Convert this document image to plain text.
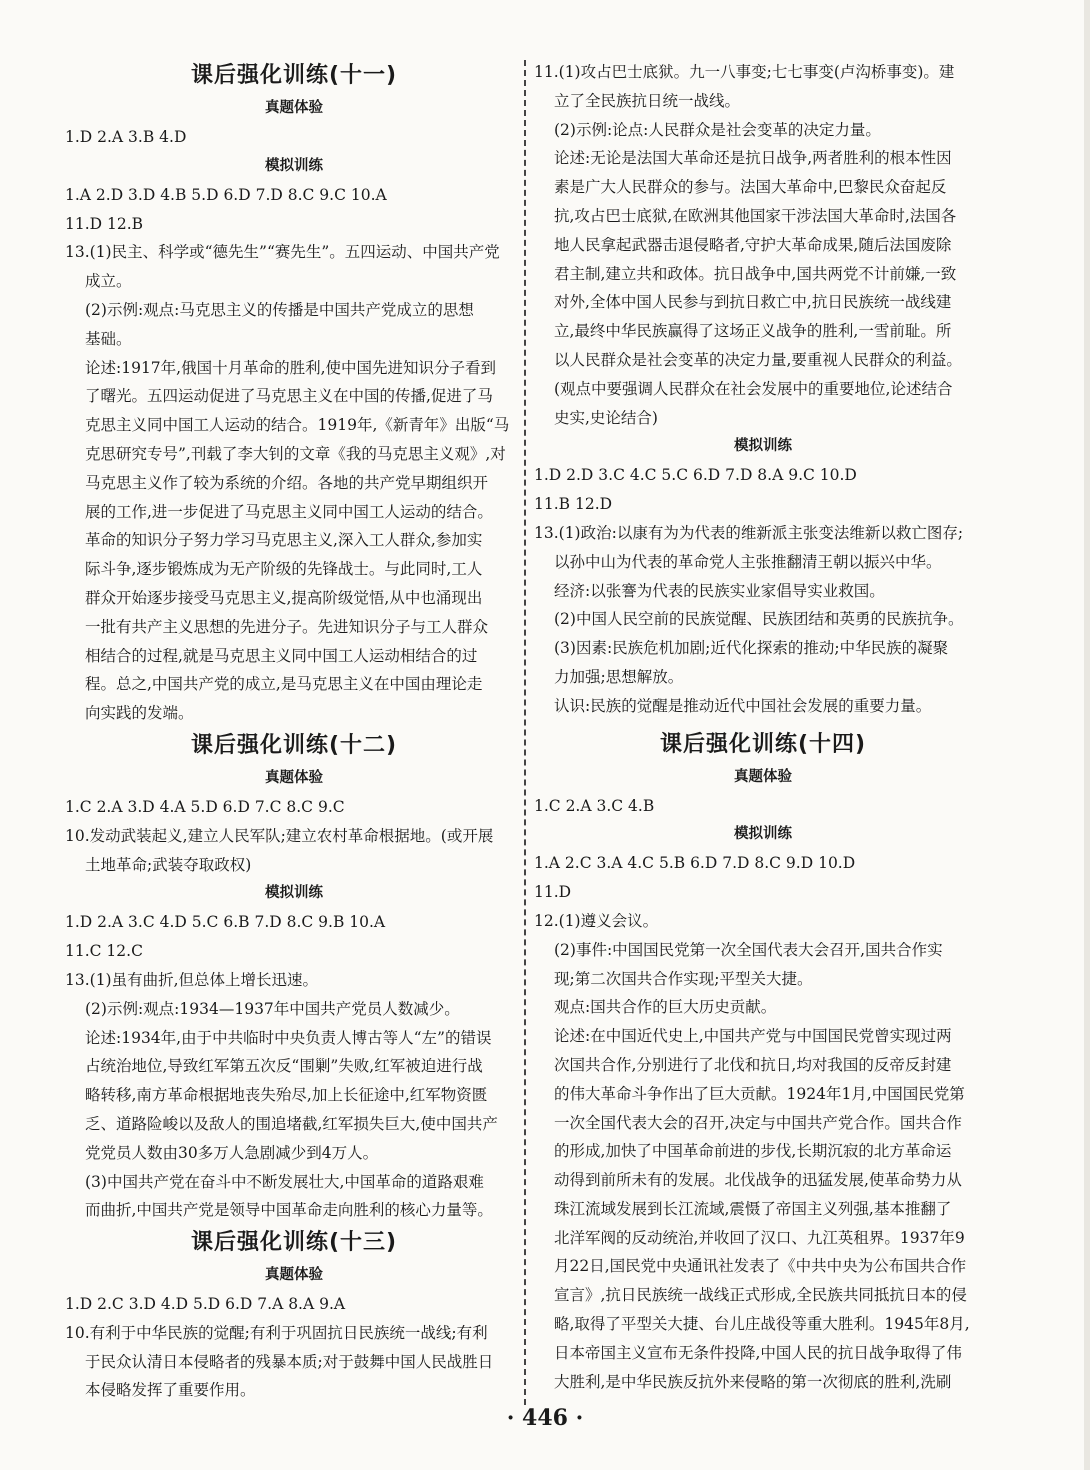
课后强化训练(十一)
真题体验
1.D 2.A 3.B 4.D
模拟训练
1.A 2.D 3.D 4.B 5.D 6.D 7.D 8.C 9.C 10.A
11.D 12.B
13.(1)民主、科学或“德先生”“赛先生”。五四运动、中国共产党
成立。
(2)示例:观点:马克思主义的传播是中国共产党成立的思想
基础。
论述:1917年,俄国十月革命的胜利,使中国先进知识分子看到
了曙光。五四运动促进了马克思主义在中国的传播,促进了马
克思主义同中国工人运动的结合。1919年,《新青年》出版“马
克思研究专号”,刊载了李大钊的文章《我的马克思主义观》,对
马克思主义作了较为系统的介绍。各地的共产党早期组织开
展的工作,进一步促进了马克思主义同中国工人运动的结合。
革命的知识分子努力学习马克思主义,深入工人群众,参加实
际斗争,逐步锻炼成为无产阶级的先锋战士。与此同时,工人
群众开始逐步接受马克思主义,提高阶级觉悟,从中也涌现出
一批有共产主义思想的先进分子。先进知识分子与工人群众
相结合的过程,就是马克思主义同中国工人运动相结合的过
程。总之,中国共产党的成立,是马克思主义在中国由理论走
向实践的发端。
课后强化训练(十二)
真题体验
1.C 2.A 3.D 4.A 5.D 6.D 7.C 8.C 9.C
10.发动武装起义,建立人民军队;建立农村革命根据地。(或开展
土地革命;武装夺取政权)
模拟训练
1.D 2.A 3.C 4.D 5.C 6.B 7.D 8.C 9.B 10.A
11.C 12.C
13.(1)虽有曲折,但总体上增长迅速。
(2)示例:观点:1934—1937年中国共产党员人数减少。
论述:1934年,由于中共临时中央负责人博古等人“左”的错误
占统治地位,导致红军第五次反“围剿”失败,红军被迫进行战
略转移,南方革命根据地丧失殆尽,加上长征途中,红军物资匮
乏、道路险峻以及敌人的围追堵截,红军损失巨大,使中国共产
党党员人数由30多万人急剧减少到4万人。
(3)中国共产党在奋斗中不断发展壮大,中国革命的道路艰难
而曲折,中国共产党是领导中国革命走向胜利的核心力量等。
课后强化训练(十三)
真题体验
1.D 2.C 3.D 4.D 5.D 6.D 7.A 8.A 9.A
10.有利于中华民族的觉醒;有利于巩固抗日民族统一战线;有利
于民众认清日本侵略者的残暴本质;对于鼓舞中国人民战胜日
本侵略发挥了重要作用。
11.(1)攻占巴士底狱。九一八事变;七七事变(卢沟桥事变)。建
立了全民族抗日统一战线。
(2)示例:论点:人民群众是社会变革的决定力量。
论述:无论是法国大革命还是抗日战争,两者胜利的根本性因
素是广大人民群众的参与。法国大革命中,巴黎民众奋起反
抗,攻占巴士底狱,在欧洲其他国家干涉法国大革命时,法国各
地人民拿起武器击退侵略者,守护大革命成果,随后法国废除
君主制,建立共和政体。抗日战争中,国共两党不计前嫌,一致
对外,全体中国人民参与到抗日救亡中,抗日民族统一战线建
立,最终中华民族赢得了这场正义战争的胜利,一雪前耻。所
以人民群众是社会变革的决定力量,要重视人民群众的利益。
(观点中要强调人民群众在社会发展中的重要地位,论述结合
史实,史论结合)
模拟训练
1.D 2.D 3.C 4.C 5.C 6.D 7.D 8.A 9.C 10.D
11.B 12.D
13.(1)政治:以康有为为代表的维新派主张变法维新以救亡图存;
以孙中山为代表的革命党人主张推翻清王朝以振兴中华。
经济:以张謇为代表的民族实业家倡导实业救国。
(2)中国人民空前的民族觉醒、民族团结和英勇的民族抗争。
(3)因素:民族危机加剧;近代化探索的推动;中华民族的凝聚
力加强;思想解放。
认识:民族的觉醒是推动近代中国社会发展的重要力量。
课后强化训练(十四)
真题体验
1.C 2.A 3.C 4.B
模拟训练
1.A 2.C 3.A 4.C 5.B 6.D 7.D 8.C 9.D 10.D
11.D
12.(1)遵义会议。
(2)事件:中国国民党第一次全国代表大会召开,国共合作实
现;第二次国共合作实现;平型关大捷。
观点:国共合作的巨大历史贡献。
论述:在中国近代史上,中国共产党与中国国民党曾实现过两
次国共合作,分别进行了北伐和抗日,均对我国的反帝反封建
的伟大革命斗争作出了巨大贡献。1924年1月,中国国民党第
一次全国代表大会的召开,决定与中国共产党合作。国共合作
的形成,加快了中国革命前进的步伐,长期沉寂的北方革命运
动得到前所未有的发展。北伐战争的迅猛发展,使革命势力从
珠江流域发展到长江流域,震慑了帝国主义列强,基本推翻了
北洋军阀的反动统治,并收回了汉口、九江英租界。1937年9
月22日,国民党中央通讯社发表了《中共中央为公布国共合作
宣言》,抗日民族统一战线正式形成,全民族共同抵抗日本的侵
略,取得了平型关大捷、台儿庄战役等重大胜利。1945年8月,
日本帝国主义宣布无条件投降,中国人民的抗日战争取得了伟
大胜利,是中华民族反抗外来侵略的第一次彻底的胜利,洗刷
· 446 ·
